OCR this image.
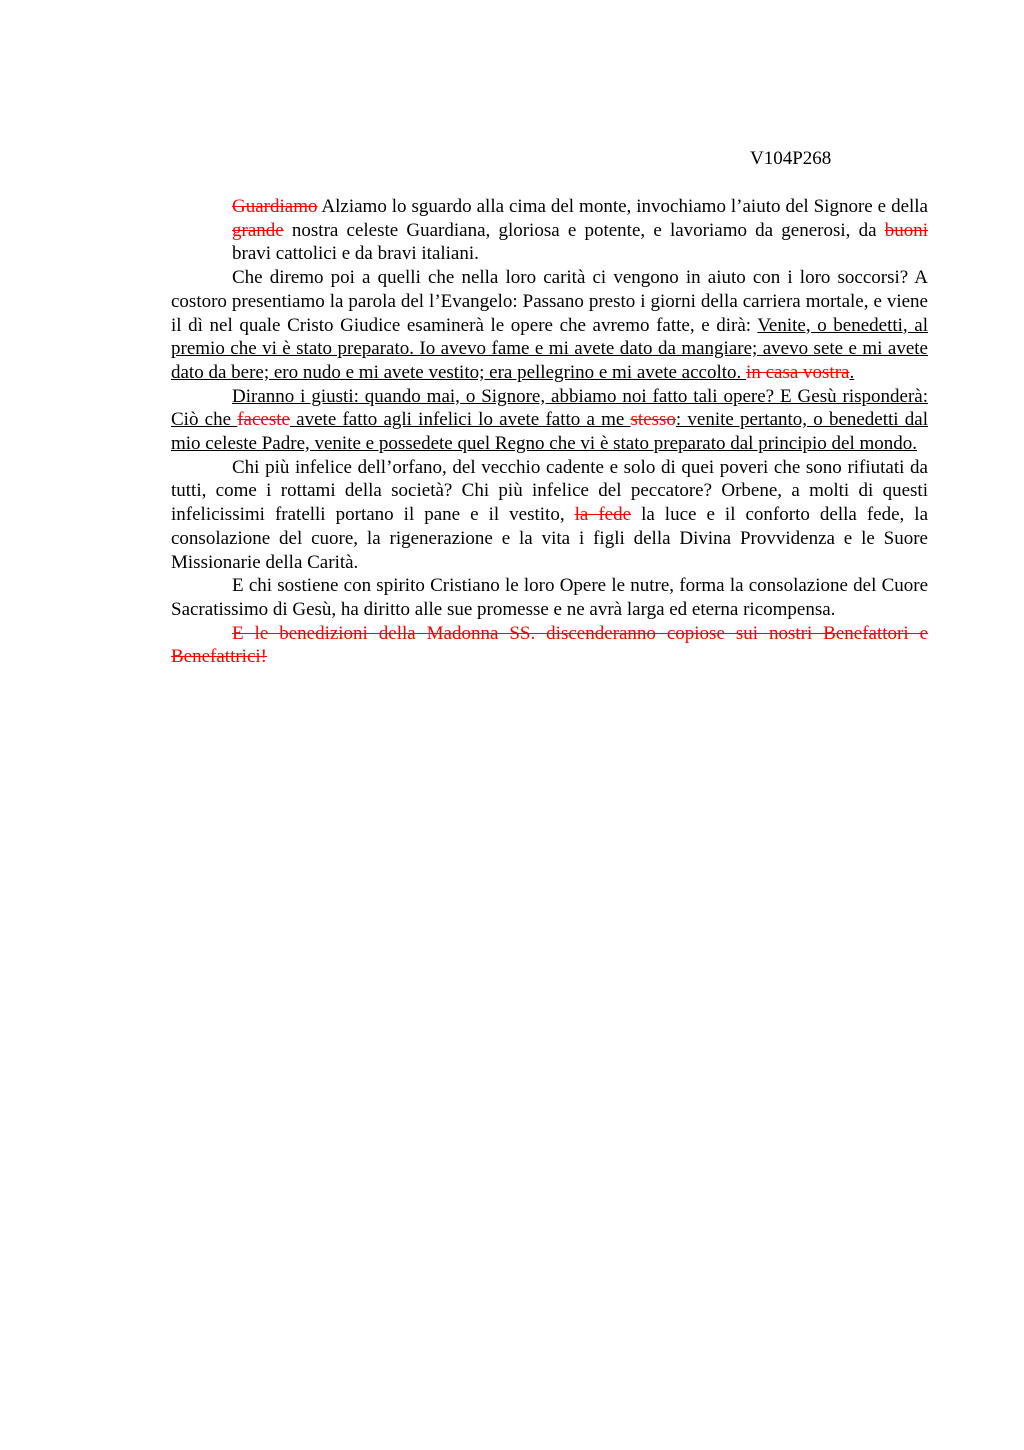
V104P268

Guardiamo Alziamo lo sguardo alla cima del monte, invochiamo l’aiuto del Signore e della grande nostra celeste Guardiana, gloriosa e potente, e lavoriamo da generosi, da buoni bravi cattolici e da bravi italiani.

Che diremo poi a quelli che nella loro carità ci vengono in aiuto con i loro soccorsi? A costoro presentiamo la parola del l’Evangelo: Passano presto i giorni della carriera mortale, e viene il dì nel quale Cristo Giudice esaminerà le opere che avremo fatte, e dirà: Venite, o benedetti, al premio che vi è stato preparato. Io avevo fame e mi avete dato da mangiare; avevo sete e mi avete dato da bere; ero nudo e mi avete vestito; era pellegrino e mi avete accolto. in casa vostra.

Diranno i giusti: quando mai, o Signore, abbiamo noi fatto tali opere? E Gesù risponderà: Ciò che faceste avete fatto agli infelici lo avete fatto a me stesso: venite pertanto, o benedetti dal mio celeste Padre, venite e possedete quel Regno che vi è stato preparato dal principio del mondo.

Chi più infelice dell’orfano, del vecchio cadente e solo di quei poveri che sono rifiutati da tutti, come i rottami della società? Chi più infelice del peccatore? Orbene, a molti di questi infelicissimi fratelli portano il pane e il vestito, la fede la luce e il conforto della fede, la consolazione del cuore, la rigenerazione e la vita i figli della Divina Provvidenza e le Suore Missionarie della Carità.

E chi sostiene con spirito Cristiano le loro Opere le nutre, forma la consolazione del Cuore Sacratissimo di Gesù, ha diritto alle sue promesse e ne avrà larga ed eterna ricompensa.

E le benedizioni della Madonna SS. discenderanno copiose sui nostri Benefattori e Benefattrici!
